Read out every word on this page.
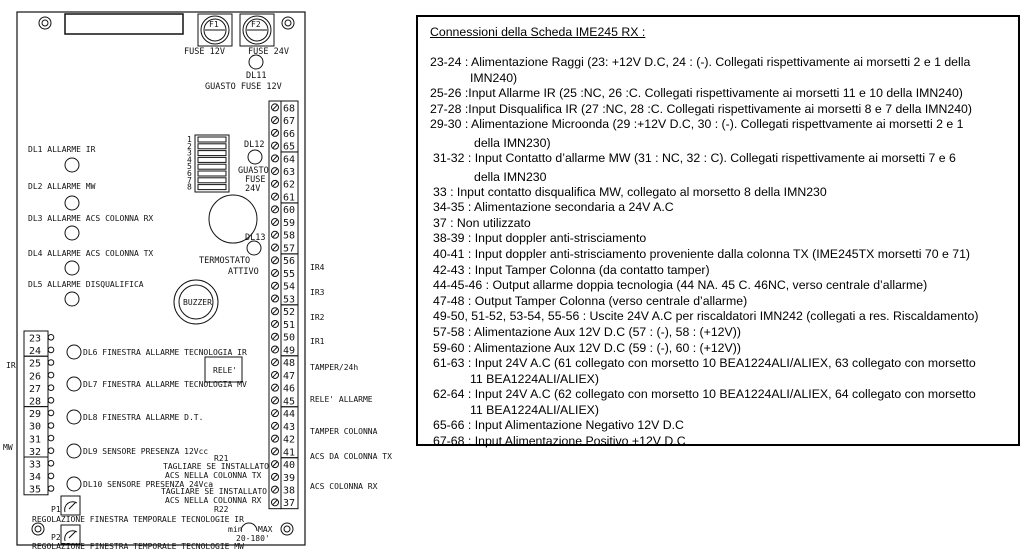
F1	F2
FUSE 12V	FUSE 24V
DL11
GUASTO FUSE 12V
1
2
3
4
5
6
7
8
DL12
GUASTO
FUSE
24V
DL13
TERMOSTATO
ATTIVO
DL1 ALLARME IR
DL2 ALLARME MW
DL3 ALLARME ACS COLONNA RX
DL4 ALLARME ACS COLONNA TX
DL5 ALLARME DISQUALIFICA
DL6 FINESTRA ALLARME TECNOLOGIA IR
DL7 FINESTRA ALLARME TECNOLOGIA MV
DL8 FINESTRA ALLARME D.T.
DL9 SENSORE PRESENZA 12Vcc
DL10 SENSORE PRESENZA 24Vca
BUZZER
RELE'
R21
TAGLIARE SE INSTALLATO
ACS NELLA COLONNA TX
TAGLIARE SE INSTALLATO
ACS NELLA COLONNA RX
R22
P1
REGOLAZIONE FINESTRA TEMPORALE TECNOLOGIE IR
P2
REGOLAZIONE FINESTRA TEMPORALE TECNOLOGIE MW
min MAX
20-180'
23
24
25
26
27
28
29
30
31
32
33
34
35
68
67
66
65
64
63
62
61
60
59
58
57
56
55
54
53
52
51
50
49
48
47
46
45
44
43
42
41
40
39
38
37
IR
MW
IR4
IR3
IR2
IR1
TAMPER/24h
RELE' ALLARME
TAMPER COLONNA
ACS DA COLONNA TX
ACS COLONNA RX
Connessioni della Scheda IME245 RX :
23-24 : Alimentazione Raggi (23: +12V D.C, 24 : (-). Collegati rispettivamente ai morsetti 2 e 1 della
IMN240)
25-26 :Input Allarme IR (25 :NC, 26 :C. Collegati rispettivamente ai morsetti 11 e 10 della IMN240)
27-28 :Input Disqualifica IR (27 :NC, 28 :C. Collegati rispettivamente ai morsetti 8 e 7 della IMN240)
29-30 : Alimentazione Microonda (29 :+12V D.C, 30 : (-). Collegati rispettvamente ai morsetti 2 e 1
della IMN230)
31-32 : Input Contatto d’allarme MW (31 : NC, 32 : C). Collegati rispettivamente ai morsetti 7 e 6
della IMN230
33 : Input contatto disqualifica MW, collegato al morsetto 8 della IMN230
34-35 : Alimentazione secondaria a 24V A.C
37 : Non utilizzato
38-39 : Input doppler anti-strisciamento
40-41 : Input doppler anti-strisciamento proveniente dalla colonna TX (IME245TX morsetti 70 e 71)
42-43 : Input Tamper Colonna (da contatto tamper)
44-45-46 : Output allarme doppia tecnologia (44 NA. 45 C. 46NC, verso centrale d’allarme)
47-48 : Output Tamper Colonna (verso centrale d’allarme)
49-50, 51-52, 53-54, 55-56 : Uscite 24V A.C per riscaldatori IMN242 (collegati a res. Riscaldamento)
57-58 : Alimentazione Aux 12V D.C (57 : (-), 58 : (+12V))
59-60 : Alimentazione Aux 12V D.C (59 : (-), 60 : (+12V))
61-63 : Input 24V A.C (61 collegato con morsetto 10 BEA1224ALI/ALIEX, 63 collegato con morsetto
11 BEA1224ALI/ALIEX)
62-64 : Input 24V A.C (62 collegato con morsetto 10 BEA1224ALI/ALIEX, 64 collegato con morsetto
11 BEA1224ALI/ALIEX)
65-66 : Input Alimentazione Negativo 12V D.C
67-68 : Input Alimentazione Positivo +12V D.C
